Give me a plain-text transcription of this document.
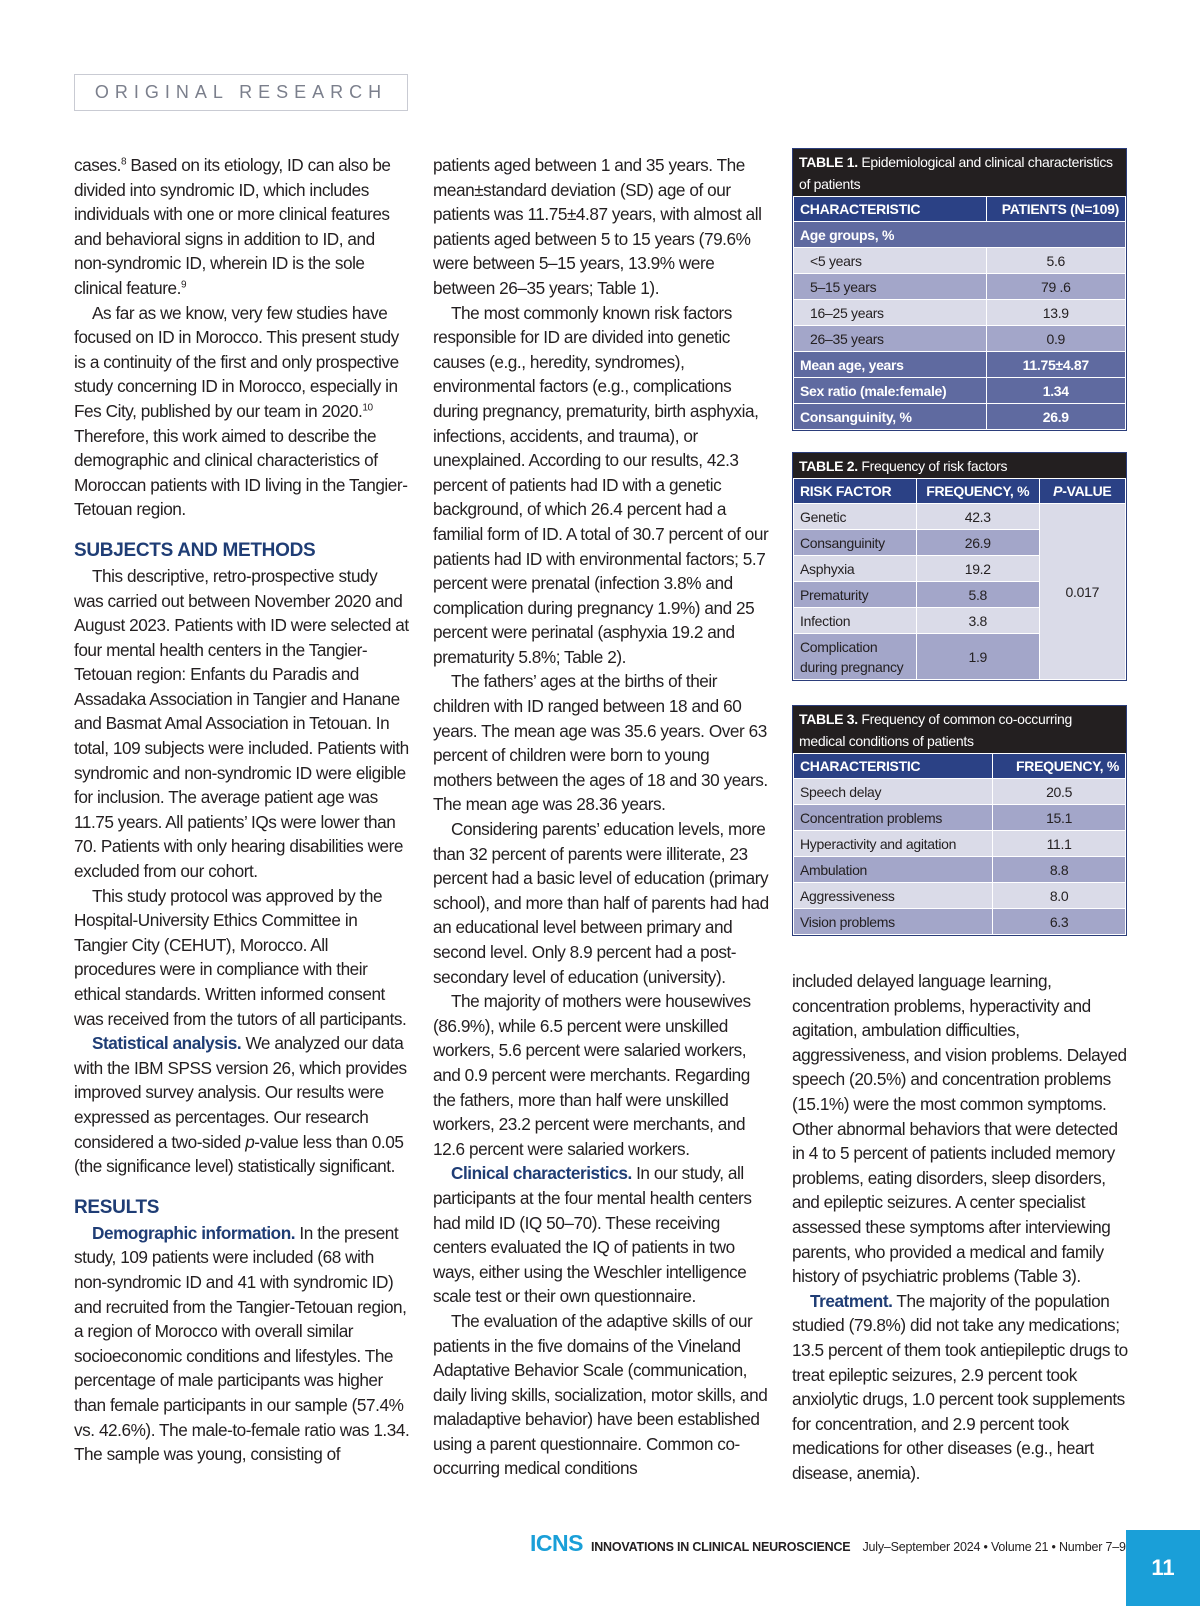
ORIGINAL RESEARCH

cases.$^8$ Based on its etiology, ID can also be divided into syndromic ID, which includes individuals with one or more clinical features and behavioral signs in addition to ID, and non-syndromic ID, wherein ID is the sole clinical feature.$^9$

As far as we know, very few studies have focused on ID in Morocco. This present study is a continuity of the first and only prospective study concerning ID in Morocco, especially in Fes City, published by our team in 2020.10 Therefore, this work aimed to describe the demographic and clinical characteristics of Moroccan patients with ID living in the Tangier-Tetouan region.

SUBJECTS AND METHODS

This descriptive, retro-prospective study was carried out between November 2020 and August 2023. Patients with ID were selected at four mental health centers in the Tangier-Tetouan region: Enfants du Paradis and Assadaka Association in Tangier and Hanane and Basmat Amal Association in Tetouan. In total, 109 subjects were included. Patients with syndromic and non-syndromic ID were eligible for inclusion. The average patient age was 11.75 years. All patients’ IQs were lower than 70. Patients with only hearing disabilities were excluded from our cohort.

This study protocol was approved by the Hospital-University Ethics Committee in Tangier City (CEHUT), Morocco. All procedures were in compliance with their ethical standards. Written informed consent was received from the tutors of all participants.

Statistical analysis. We analyzed our data with the IBM SPSS version 26, which provides improved survey analysis. Our results were expressed as percentages. Our research considered a two-sided p-value less than 0.05 (the significance level) statistically significant.

RESULTS

Demographic information. In the present study, 109 patients were included (68 with non-syndromic ID and 41 with syndromic ID) and recruited from the Tangier-Tetouan region, a region of Morocco with overall similar socioeconomic conditions and lifestyles. The percentage of male participants was higher than female participants in our sample (57.4% vs. 42.6%). The male-to-female ratio was 1.34. The sample was young, consisting of

patients aged between 1 and 35 years. The mean±standard deviation (SD) age of our patients was 11.75±4.87 years, with almost all patients aged between 5 to 15 years (79.6% were between 5–15 years, 13.9% were between 26–35 years; Table 1).

The most commonly known risk factors responsible for ID are divided into genetic causes (e.g., heredity, syndromes), environmental factors (e.g., complications during pregnancy, prematurity, birth asphyxia, infections, accidents, and trauma), or unexplained. According to our results, 42.3 percent of patients had ID with a genetic background, of which 26.4 percent had a familial form of ID. A total of 30.7 percent of our patients had ID with environmental factors; 5.7 percent were prenatal (infection 3.8% and complication during pregnancy 1.9%) and 25 percent were perinatal (asphyxia 19.2 and prematurity 5.8%; Table 2).

The fathers’ ages at the births of their children with ID ranged between 18 and 60 years. The mean age was 35.6 years. Over 63 percent of children were born to young mothers between the ages of 18 and 30 years. The mean age was 28.36 years.

Considering parents’ education levels, more than 32 percent of parents were illiterate, 23 percent had a basic level of education (primary school), and more than half of parents had had an educational level between primary and second level. Only 8.9 percent had a post-secondary level of education (university).

The majority of mothers were housewives (86.9%), while 6.5 percent were unskilled workers, 5.6 percent were salaried workers, and 0.9 percent were merchants. Regarding the fathers, more than half were unskilled workers, 23.2 percent were merchants, and 12.6 percent were salaried workers.

Clinical characteristics. In our study, all participants at the four mental health centers had mild ID (IQ 50–70). These receiving centers evaluated the IQ of patients in two ways, either using the Weschler intelligence scale test or their own questionnaire.

The evaluation of the adaptive skills of our patients in the five domains of the Vineland Adaptative Behavior Scale (communication, daily living skills, socialization, motor skills, and maladaptive behavior) have been established using a parent questionnaire. Common co-occurring medical conditions

TABLE 1. Epidemiological and clinical characteristics of patients
CHARACTERISTIC	PATIENTS (N=109)
Age groups, %	
<5 years	5.6
5–15 years	79 .6
16–25 years	13.9
26–35 years	0.9
Mean age, years	11.75±4.87
Sex ratio (male:female)	1.34
Consanguinity, %	26.9
TABLE 2. Frequency of risk factors
RISK FACTOR	FREQUENCY, %	P-VALUE
Genetic	42.3	0.017
Consanguinity	26.9	
Asphyxia	19.2	
Prematurity	5.8	
Infection	3.8	
Complication during pregnancy	1.9	
TABLE 3. Frequency of common co-occurring medical conditions of patients
CHARACTERISTIC	FREQUENCY, %
Speech delay	20.5
Concentration problems	15.1
Hyperactivity and agitation	11.1
Ambulation	8.8
Aggressiveness	8.0
Vision problems	6.3

included delayed language learning, concentration problems, hyperactivity and agitation, ambulation difficulties, aggressiveness, and vision problems. Delayed speech (20.5%) and concentration problems (15.1%) were the most common symptoms. Other abnormal behaviors that were detected in 4 to 5 percent of patients included memory problems, eating disorders, sleep disorders, and epileptic seizures. A center specialist assessed these symptoms after interviewing parents, who provided a medical and family history of psychiatric problems (Table 3).

Treatment. The majority of the population studied (79.8%) did not take any medications; 13.5 percent of them took antiepileptic drugs to treat epileptic seizures, 2.9 percent took anxiolytic drugs, 1.0 percent took supplements for concentration, and 2.9 percent took medications for other diseases (e.g., heart disease, anemia).

ICNS INNOVATIONS IN CLINICAL NEUROSCIENCE July–September 2024 • Volume 21 • Number 7–9
11
